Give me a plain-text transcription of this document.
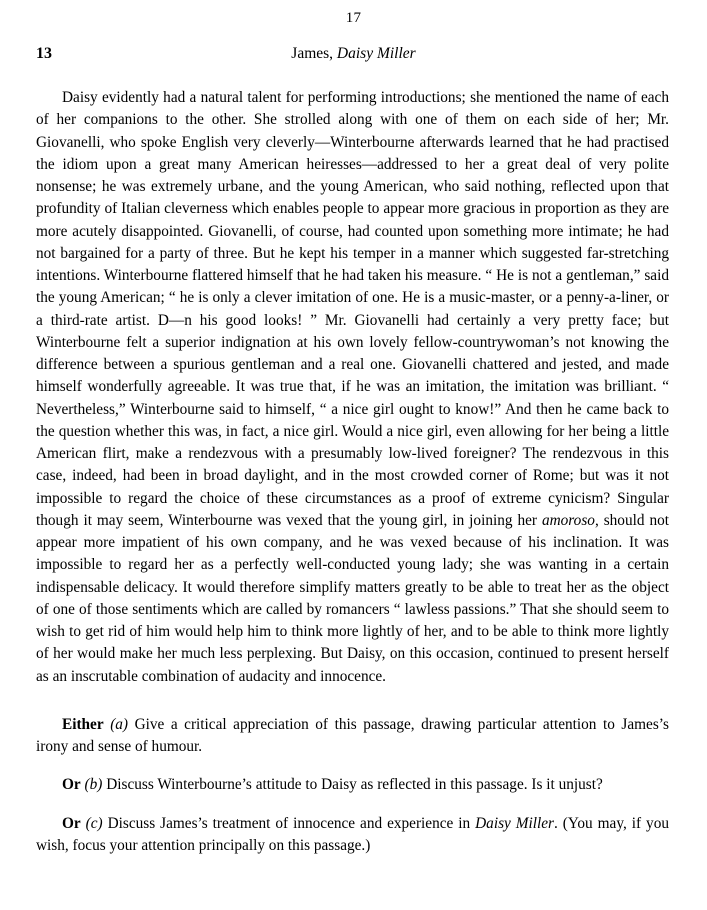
17
13	James, Daisy Miller

Daisy evidently had a natural talent for performing introductions; she mentioned the name of each of her companions to the other. She strolled along with one of them on each side of her; Mr. Giovanelli, who spoke English very cleverly—Winterbourne afterwards learned that he had practised the idiom upon a great many American heiresses—addressed to her a great deal of very polite nonsense; he was extremely urbane, and the young American, who said nothing, reflected upon that profundity of Italian cleverness which enables people to appear more gracious in proportion as they are more acutely disappointed. Giovanelli, of course, had counted upon something more intimate; he had not bargained for a party of three. But he kept his temper in a manner which suggested far-stretching intentions. Winterbourne flattered himself that he had taken his measure. “ He is not a gentleman,” said the young American; “ he is only a clever imitation of one. He is a music-master, or a penny-a-liner, or a third-rate artist. D—n his good looks! ” Mr. Giovanelli had certainly a very pretty face; but Winterbourne felt a superior indignation at his own lovely fellow-countrywoman’s not knowing the difference between a spurious gentleman and a real one. Giovanelli chattered and jested, and made himself wonderfully agreeable. It was true that, if he was an imitation, the imitation was brilliant. “ Nevertheless,” Winterbourne said to himself, “ a nice girl ought to know!” And then he came back to the question whether this was, in fact, a nice girl. Would a nice girl, even allowing for her being a little American flirt, make a rendezvous with a presumably low-lived foreigner? The rendezvous in this case, indeed, had been in broad daylight, and in the most crowded corner of Rome; but was it not impossible to regard the choice of these circumstances as a proof of extreme cynicism? Singular though it may seem, Winterbourne was vexed that the young girl, in joining her amoroso, should not appear more impatient of his own company, and he was vexed because of his inclination. It was impossible to regard her as a perfectly well-conducted young lady; she was wanting in a certain indispensable delicacy. It would therefore simplify matters greatly to be able to treat her as the object of one of those sentiments which are called by romancers “ lawless passions.” That she should seem to wish to get rid of him would help him to think more lightly of her, and to be able to think more lightly of her would make her much less perplexing. But Daisy, on this occasion, continued to present herself as an inscrutable combination of audacity and innocence.

Either (a) Give a critical appreciation of this passage, drawing particular attention to James’s irony and sense of humour.

Or (b) Discuss Winterbourne’s attitude to Daisy as reflected in this passage. Is it unjust?

Or (c) Discuss James’s treatment of innocence and experience in Daisy Miller. (You may, if you wish, focus your attention principally on this passage.)
